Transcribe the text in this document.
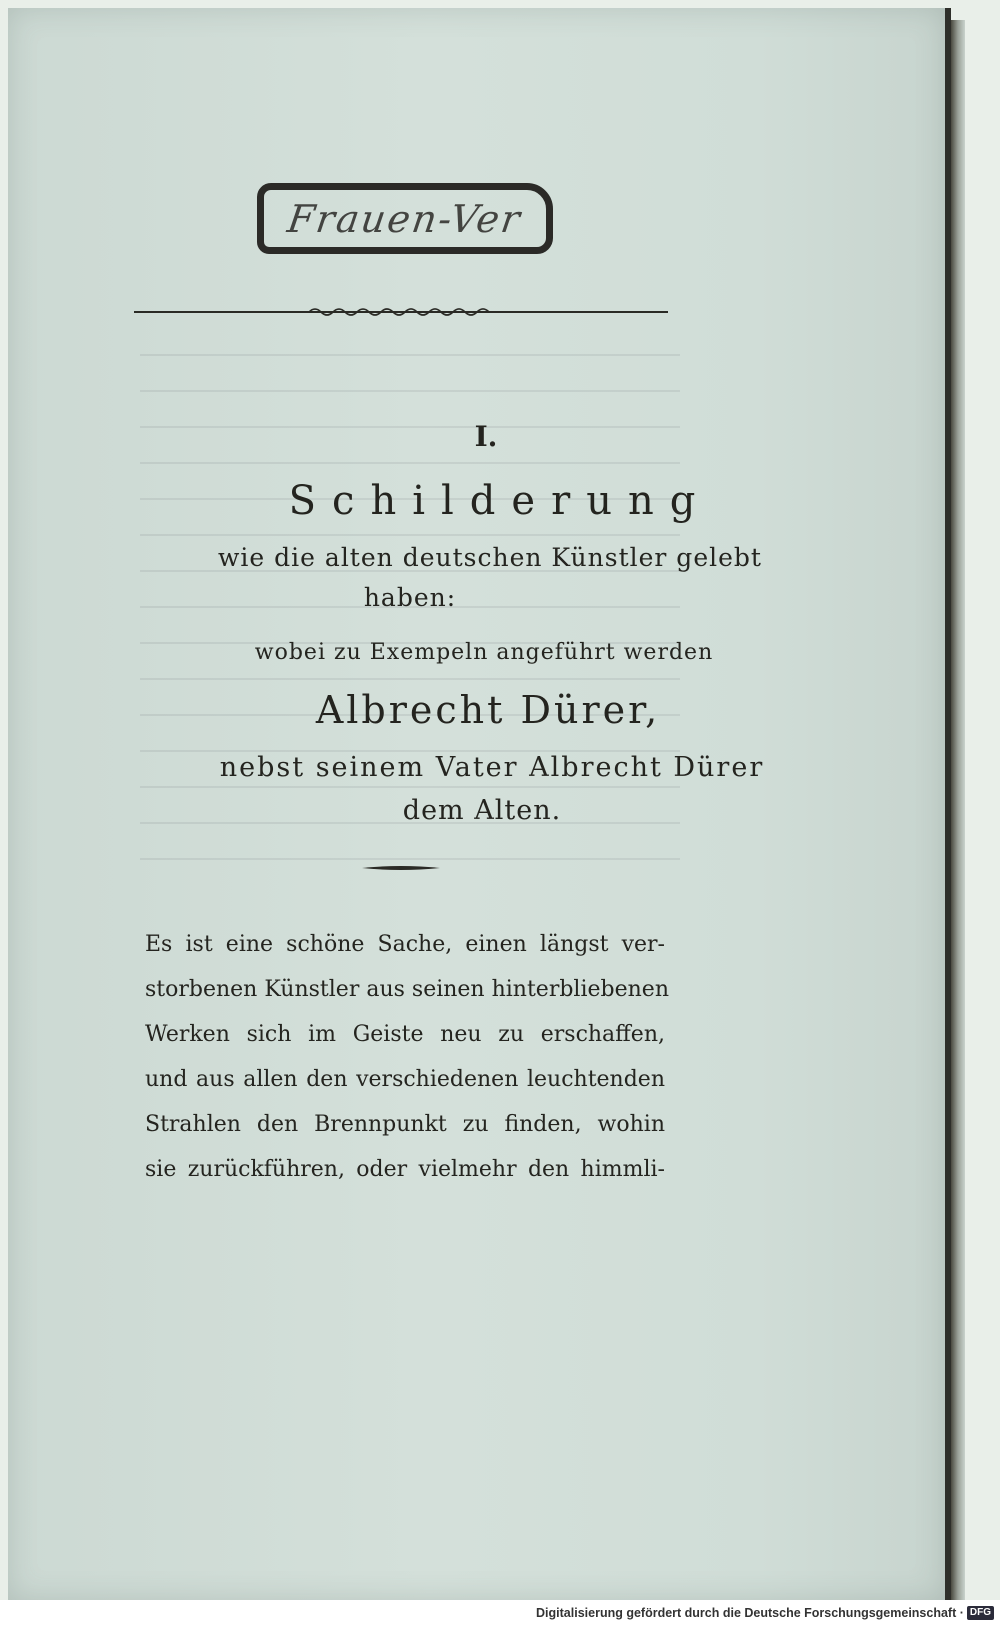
Frauen-Ver
I.
Schilderung
wie die alten deutschen Künstler gelebt
haben:
wobei zu Exempeln angeführt werden
Albrecht Dürer,
nebst seinem Vater Albrecht Dürer
dem Alten.
Es ist eine schöne Sache, einen längst ver-
storbenen Künstler aus seinen hinterbliebenen
Werken sich im Geiste neu zu erschaffen,
und aus allen den verschiedenen leuchtenden
Strahlen den Brennpunkt zu finden, wohin
sie zurückführen, oder vielmehr den himmli-
Digitalisierung gefördert durch die Deutsche Forschungsgemeinschaft · DFG
